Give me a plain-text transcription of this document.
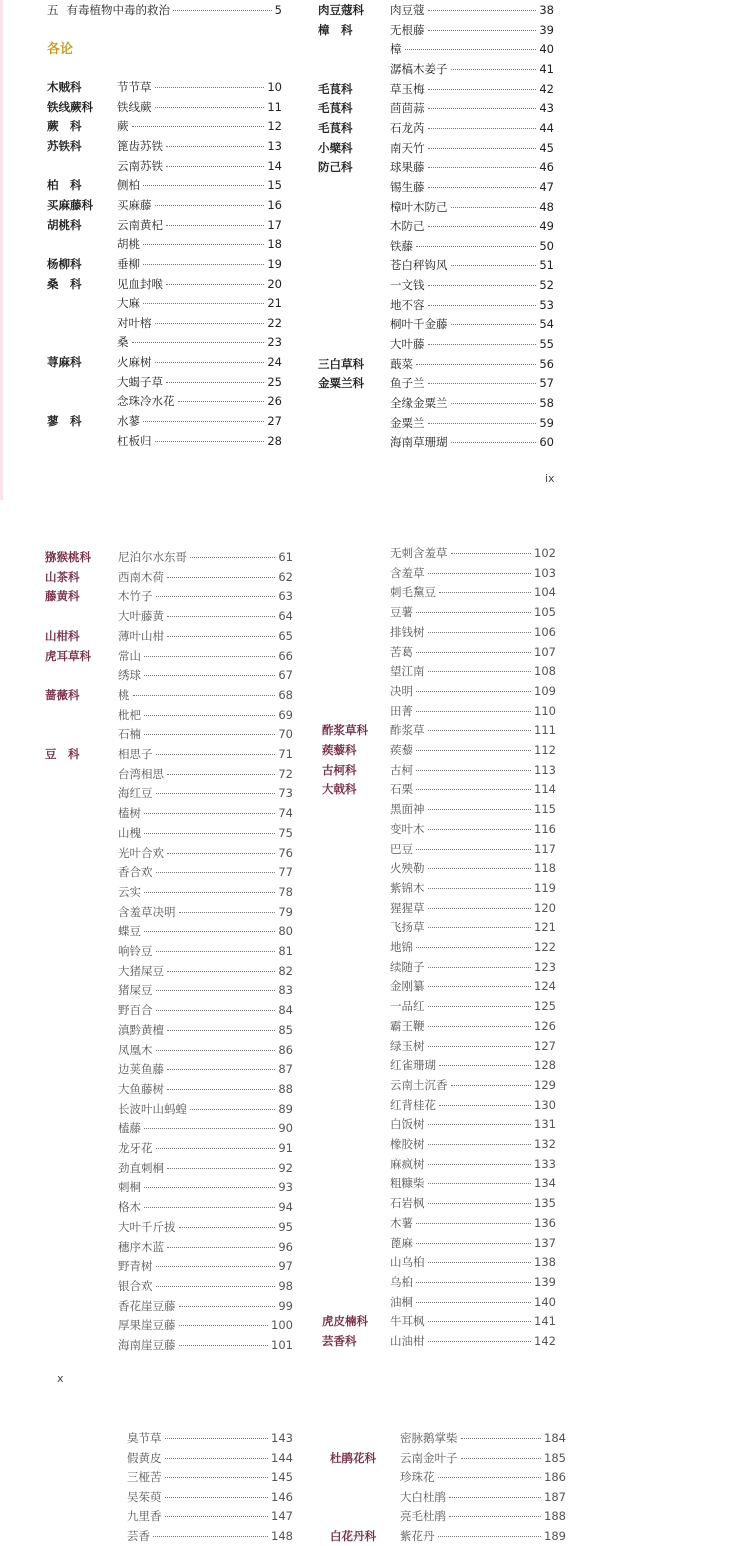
五 有毒植物中毒的救治	5
各论
木贼科	节节草	10
铁线蕨科 铁线蕨	11
蕨　科	蕨	12
苏铁科	篦齿苏铁	13
云南苏铁	14
柏　科	侧柏	15
买麻藤科 买麻藤	16
胡桃科	云南黄杞	17
胡桃	18
杨柳科	垂柳	19
桑　科	见血封喉	20
大麻	21
对叶榕	22
桑	23
荨麻科	火麻树	24
大蝎子草	25
念珠冷水花	26
蓼　科	水蓼	27
杠板归	28
肉豆蔻科 肉豆蔻	38
樟　科	无根藤	39
樟	40
潺槁木姜子	41
毛茛科	草玉梅	42
毛茛科	茴茴蒜	43
毛茛科	石龙芮	44
小檗科	南天竹	45
防己科	球果藤	46
锡生藤	47
樟叶木防己	48
木防己	49
铁藤	50
苍白秤钩风	51
一文钱	52
地不容	53
桐叶千金藤	54
大叶藤	55
三白草科 蕺菜	56
金粟兰科 鱼子兰	57
全缘金粟兰	58
金粟兰	59
海南草珊瑚	60
ix
猕猴桃科 尼泊尔水东哥	61
山茶科	西南木荷	62
藤黄科	木竹子	63
大叶藤黄	64
山柑科	薄叶山柑	65
虎耳草科 常山	66
绣球	67
蔷薇科	桃	68
枇杷	69
石楠	70
豆　科	相思子	71
台湾相思	72
海红豆	73
榼树	74
山槐	75
光叶合欢	76
香合欢	77
云实	78
含羞草决明	79
蝶豆	80
响铃豆	81
大猪屎豆	82
猪屎豆	83
野百合	84
滇黔黄檀	85
凤凰木	86
边荚鱼藤	87
大鱼藤树	88
长波叶山蚂蝗	89
榼藤	90
龙牙花	91
劲直刺桐	92
刺桐	93
格木	94
大叶千斤拔	95
穗序木蓝	96
野青树	97
银合欢	98
香花崖豆藤	99
厚果崖豆藤	100
海南崖豆藤	101
无刺含羞草	102
含羞草	103
刺毛黧豆	104
豆薯	105
排钱树	106
苦葛	107
望江南	108
决明	109
田菁	110
酢浆草科 酢浆草	111
蒺藜科	蒺藜	112
古柯科	古柯	113
大戟科	石栗	114
黑面神	115
变叶木	116
巴豆	117
火殃勒	118
紫锦木	119
猩猩草	120
飞扬草	121
地锦	122
续随子	123
金刚纂	124
一品红	125
霸王鞭	126
绿玉树	127
红雀珊瑚	128
云南土沉香	129
红背桂花	130
白饭树	131
橡胶树	132
麻疯树	133
粗糠柴	134
石岩枫	135
木薯	136
蓖麻	137
山乌桕	138
乌桕	139
油桐	140
虎皮楠科 牛耳枫	141
芸香科	山油柑	142
x
臭节草	143
假黄皮	144
三桠苦	145
吴茱萸	146
九里香	147
芸香	148
密脉鹅掌柴	184
杜鹃花科 云南金叶子	185
珍珠花	186
大白杜鹃	187
亮毛杜鹃	188
白花丹科 紫花丹	189
